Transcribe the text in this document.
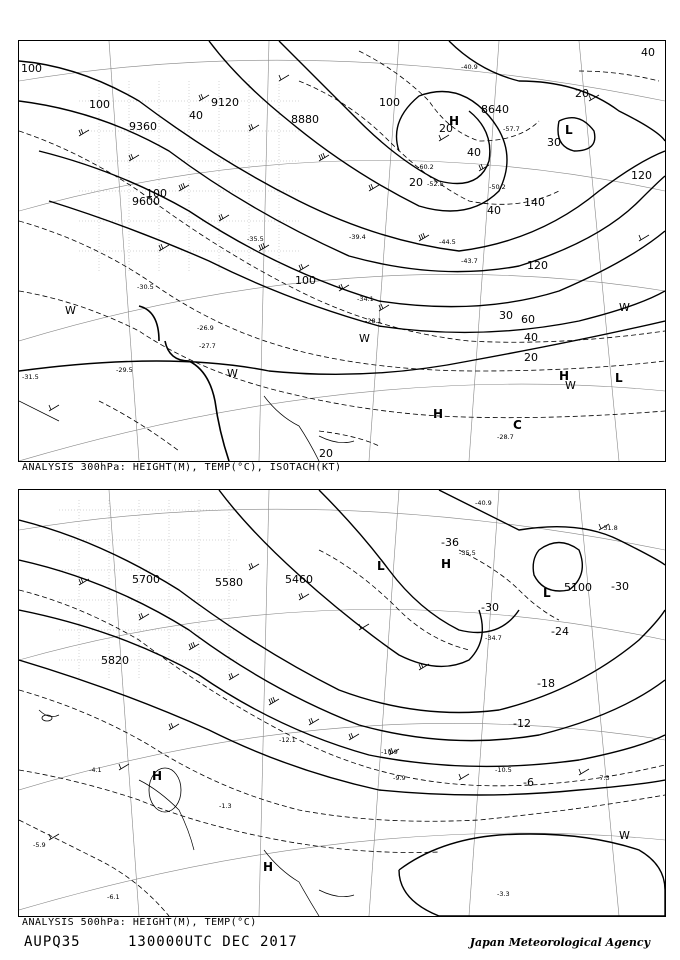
9360
9120
8880
8640
9600
100
100
100
40
20
140
120
30
60
40
20
20
40
30
40
100
120
40
20
20
100
-27.7
-29.5
-31.5
-28.7
-34.1
-26.9
-43.7
-44.5
-52.5
-60.2
-57.7
-50.2
-40.9
-39.4
-35.5
-30.5
-28.1
H
L
H	L
H
C
W
W
W
W
W
ANALYSIS 300hPa: HEIGHT(M), TEMP(°C), ISOTACH(KT)
5700	5460
5820
5100
5580
-36
-30
-24
-18
-12
-6
-30
-10.5
-9.9	-7.3
-3.3
-10.9
-4.1
-6.1
-5.9
-12.1
-1.3
-34.7
-35.5
-40.9
-31.8
L
H
L
H
H
W
ANALYSIS 500hPa: HEIGHT(M), TEMP(°C)
AUPQ35	130000UTC DEC 2017	Japan Meteorological Agency
